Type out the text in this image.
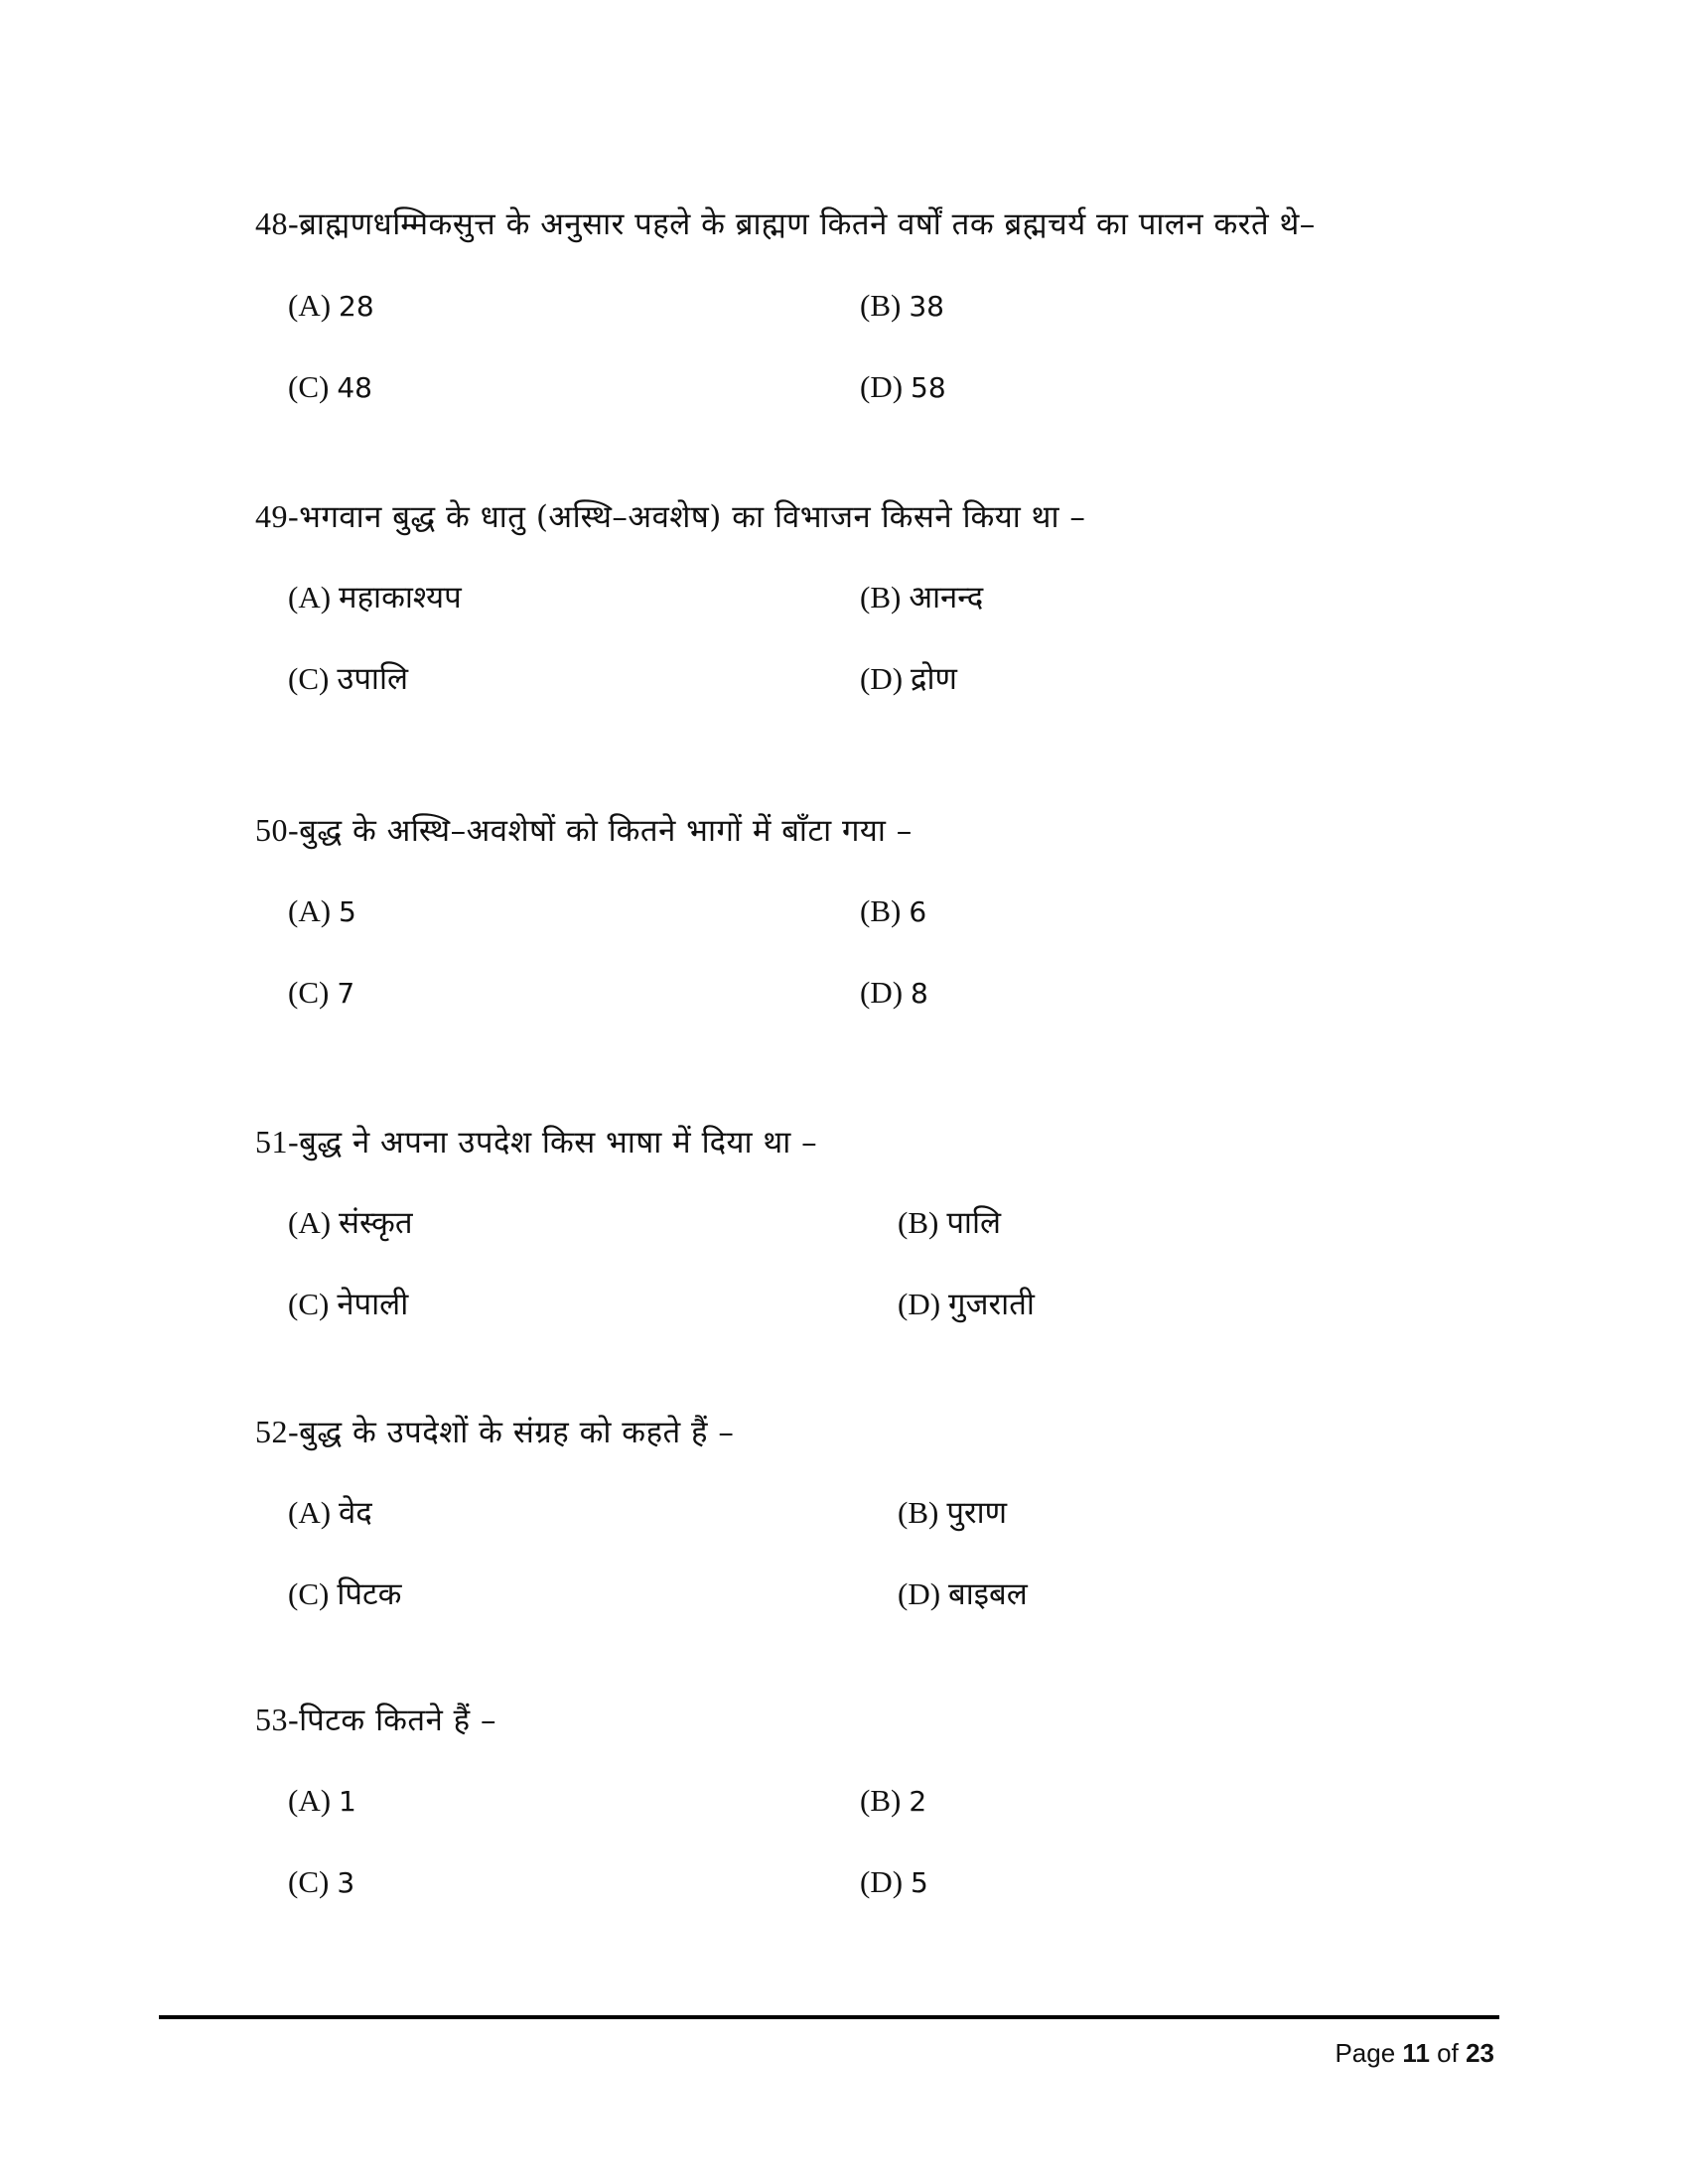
48-ब्राह्मणधम्मिकसुत्त के अनुसार पहले के ब्राह्मण कितने वर्षों तक ब्रह्मचर्य का पालन करते थे–
(A) 28	(B) 38
(C) 48	(D) 58
49-भगवान बुद्ध के धातु (अस्थि–अवशेष) का विभाजन किसने किया था –
(A) महाकाश्यप	(B) आनन्द
(C) उपालि	(D) द्रोण
50-बुद्ध के अस्थि–अवशेषों को कितने भागों में बाँटा गया –
(A) 5	(B) 6
(C) 7	(D) 8
51-बुद्ध ने अपना उपदेश किस भाषा में दिया था –
(A) संस्कृत	(B) पालि
(C) नेपाली	(D) गुजराती
52-बुद्ध के उपदेशों के संग्रह को कहते हैं –
(A) वेद	(B) पुराण
(C) पिटक	(D) बाइबल
53-पिटक कितने हैं –
(A) 1	(B) 2
(C) 3	(D) 5
Page 11 of 23
